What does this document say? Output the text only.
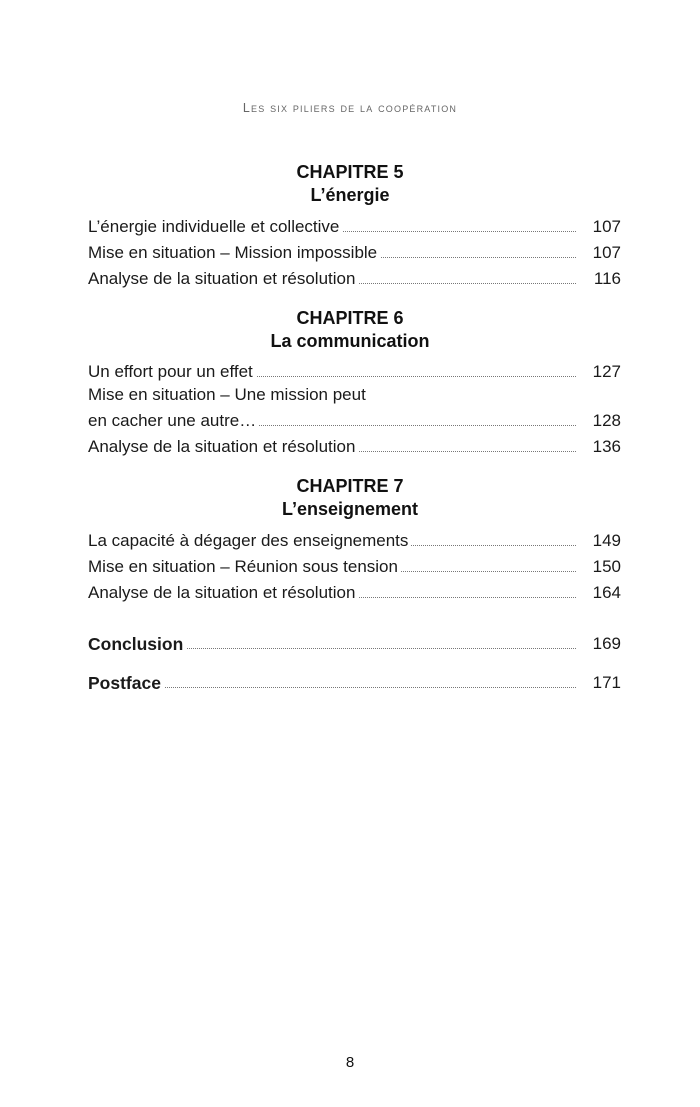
Les six piliers de la coopération
CHAPITRE 5
L’énergie
L’énergie individuelle et collective	107
Mise en situation – Mission impossible	107
Analyse de la situation et résolution	116
CHAPITRE 6
La communication
Un effort pour un effet	127
Mise en situation – Une mission peut
en cacher une autre…	128
Analyse de la situation et résolution	136
CHAPITRE 7
L’enseignement
La capacité à dégager des enseignements	149
Mise en situation – Réunion sous tension	150
Analyse de la situation et résolution	164
Conclusion	169
Postface	171
8
